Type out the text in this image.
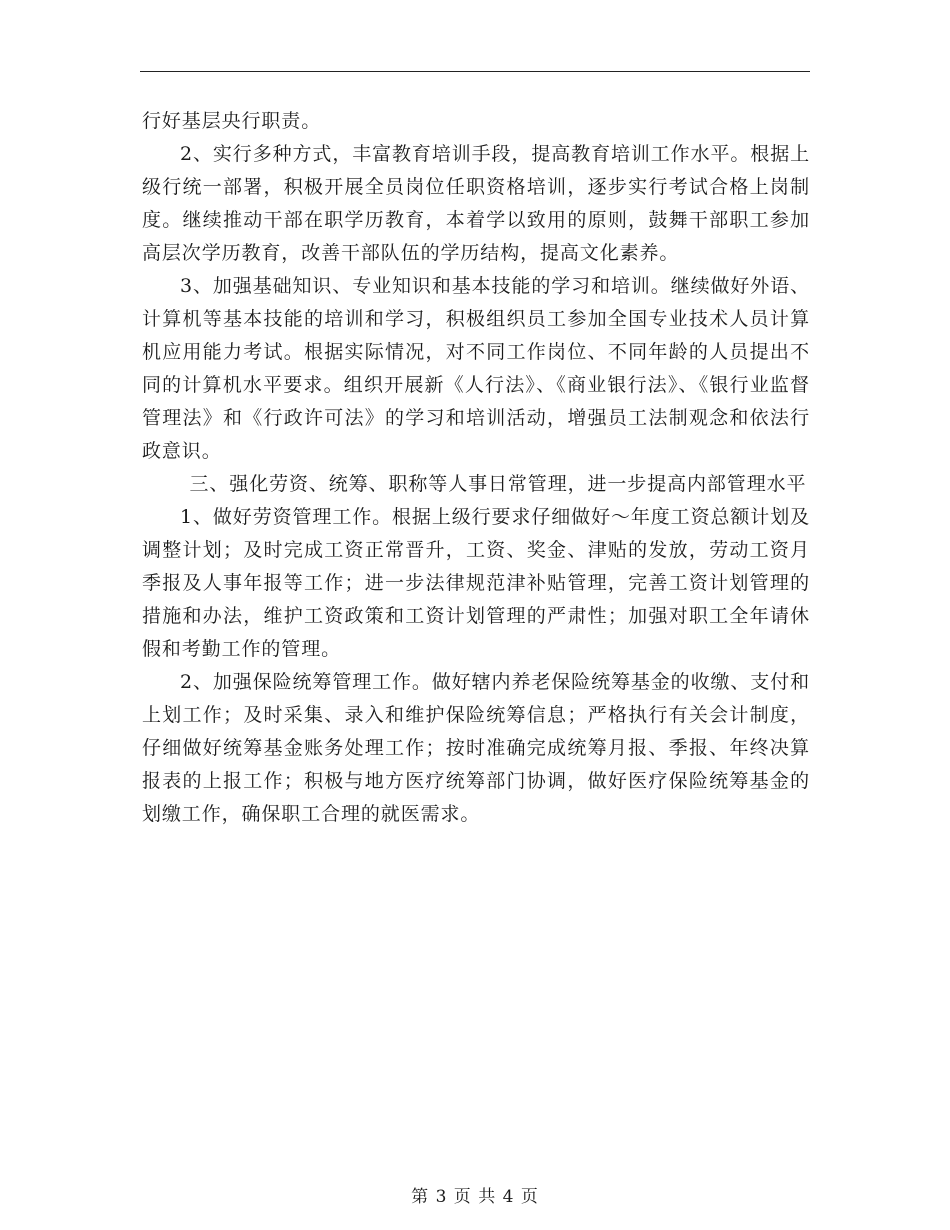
行好基层央行职责。

2、实行多种方式，丰富教育培训手段，提高教育培训工作水平。根据上级行统一部署，积极开展全员岗位任职资格培训，逐步实行考试合格上岗制度。继续推动干部在职学历教育，本着学以致用的原则，鼓舞干部职工参加高层次学历教育，改善干部队伍的学历结构，提高文化素养。

3、加强基础知识、专业知识和基本技能的学习和培训。继续做好外语、计算机等基本技能的培训和学习，积极组织员工参加全国专业技术人员计算机应用能力考试。根据实际情况，对不同工作岗位、不同年龄的人员提出不同的计算机水平要求。组织开展新《人行法》、《商业银行法》、《银行业监督管理法》和《行政许可法》的学习和培训活动，增强员工法制观念和依法行政意识。

三、强化劳资、统筹、职称等人事日常管理，进一步提高内部管理水平

1、做好劳资管理工作。根据上级行要求仔细做好～年度工资总额计划及调整计划；及时完成工资正常晋升，工资、奖金、津贴的发放，劳动工资月季报及人事年报等工作；进一步法律规范津补贴管理，完善工资计划管理的措施和办法，维护工资政策和工资计划管理的严肃性；加强对职工全年请休假和考勤工作的管理。

2、加强保险统筹管理工作。做好辖内养老保险统筹基金的收缴、支付和上划工作；及时采集、录入和维护保险统筹信息；严格执行有关会计制度，仔细做好统筹基金账务处理工作；按时准确完成统筹月报、季报、年终决算报表的上报工作；积极与地方医疗统筹部门协调，做好医疗保险统筹基金的划缴工作，确保职工合理的就医需求。

第 3 页 共 4 页
